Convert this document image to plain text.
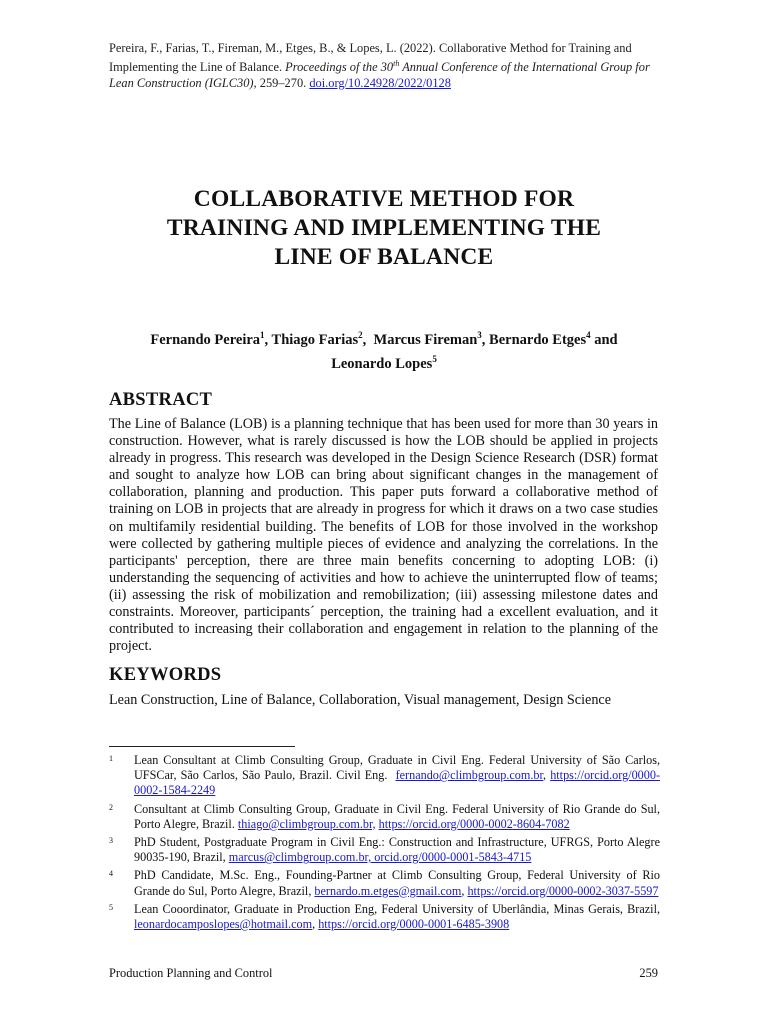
Pereira, F., Farias, T., Fireman, M., Etges, B., & Lopes, L. (2022). Collaborative Method for Training and Implementing the Line of Balance. Proceedings of the 30th Annual Conference of the International Group for Lean Construction (IGLC30), 259–270. doi.org/10.24928/2022/0128
COLLABORATIVE METHOD FOR
TRAINING AND IMPLEMENTING THE
LINE OF BALANCE
Fernando Pereira$^1$, Thiago Farias$^2$,  Marcus Fireman$^3$, Bernardo Etges$^4$ and
Leonardo Lopes$^5$
ABSTRACT
The Line of Balance (LOB) is a planning technique that has been used for more than 30 years in construction. However, what is rarely discussed is how the LOB should be applied in projects already in progress. This research was developed in the Design Science Research (DSR) format and sought to analyze how LOB can bring about significant changes in the management of collaboration, planning and production. This paper puts forward a collaborative method of training on LOB in projects that are already in progress for which it draws on a two case studies on multifamily residential building. The benefits of LOB for those involved in the workshop were collected by gathering multiple pieces of evidence and analyzing the correlations. In the participants' perception, there are three main benefits concerning to adopting LOB: (i) understanding the sequencing of activities and how to achieve the uninterrupted flow of teams; (ii) assessing the risk of mobilization and remobilization; (iii) assessing milestone dates and constraints. Moreover, participants´ perception, the training had a excellent evaluation, and it contributed to increasing their collaboration and engagement in relation to the planning of the project.
KEYWORDS
Lean Construction, Line of Balance, Collaboration, Visual management, Design Science
1	Lean Consultant at Climb Consulting Group, Graduate in Civil Eng. Federal University of São Carlos, UFSCar, São Carlos, São Paulo, Brazil. Civil Eng.  fernando@climbgroup.com.br, https://orcid.org/0000-0002-1584-2249
2	Consultant at Climb Consulting Group, Graduate in Civil Eng. Federal University of Rio Grande do Sul, Porto Alegre, Brazil. thiago@climbgroup.com.br, https://orcid.org/0000-0002-8604-7082
3	PhD Student, Postgraduate Program in Civil Eng.: Construction and Infrastructure, UFRGS, Porto Alegre 90035-190, Brazil, marcus@climbgroup.com.br, orcid.org/0000-0001-5843-4715
4	PhD Candidate, M.Sc. Eng., Founding-Partner at Climb Consulting Group, Federal University of Rio Grande do Sul, Porto Alegre, Brazil, bernardo.m.etges@gmail.com, https://orcid.org/0000-0002-3037-5597
5	Lean Cooordinator, Graduate in Production Eng, Federal University of Uberlândia, Minas Gerais, Brazil, leonardocamposlopes@hotmail.com, https://orcid.org/0000-0001-6485-3908
Production Planning and Control	259
